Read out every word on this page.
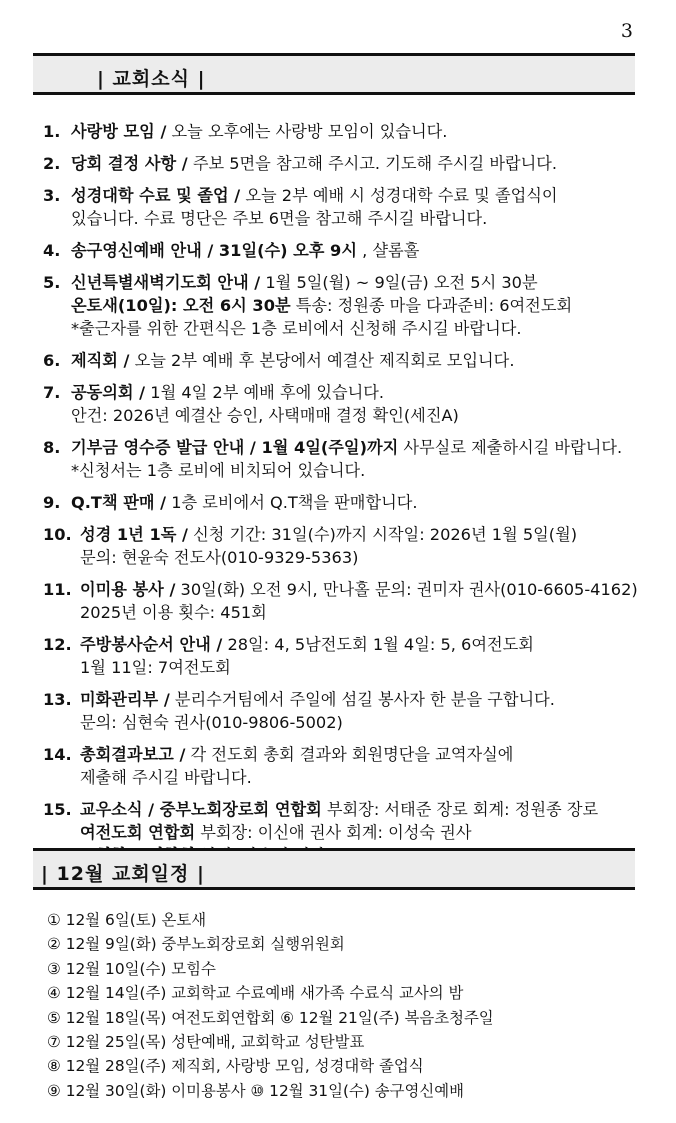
3
| 교회소식 |
1. 사랑방 모임 / 오늘 오후에는 사랑방 모임이 있습니다.
2. 당회 결정 사항 / 주보 5면을 참고해 주시고. 기도해 주시길 바랍니다.
3. 성경대학 수료 및 졸업 / 오늘 2부 예배 시 성경대학 수료 및 졸업식이
있습니다. 수료 명단은 주보 6면을 참고해 주시길 바랍니다.
4. 송구영신예배 안내 / 31일(수) 오후 9시 , 샬롬홀
5. 신년특별새벽기도회 안내 / 1월 5일(월) ~ 9일(금) 오전 5시 30분
온토새(10일): 오전 6시 30분 특송: 정원종 마을 다과준비: 6여전도회
*출근자를 위한 간편식은 1층 로비에서 신청해 주시길 바랍니다.
6. 제직회 / 오늘 2부 예배 후 본당에서 예결산 제직회로 모입니다.
7. 공동의회 / 1월 4일 2부 예배 후에 있습니다.
안건: 2026년 예결산 승인, 사택매매 결정 확인(세진A)
8. 기부금 영수증 발급 안내 / 1월 4일(주일)까지 사무실로 제출하시길 바랍니다.
*신청서는 1층 로비에 비치되어 있습니다.
9. Q.T책 판매 / 1층 로비에서 Q.T책을 판매합니다.
10. 성경 1년 1독 / 신청 기간: 31일(수)까지 시작일: 2026년 1월 5일(월)
문의: 현윤숙 전도사(010-9329-5363)
11. 이미용 봉사 / 30일(화) 오전 9시, 만나홀 문의: 권미자 권사(010-6605-4162)
2025년 이용 횟수: 451회
12. 주방봉사순서 안내 / 28일: 4, 5남전도회 1월 4일: 5, 6여전도회
1월 11일: 7여전도회
13. 미화관리부 / 분리수거팀에서 주일에 섬길 봉사자 한 분을 구합니다.
문의: 심현숙 권사(010-9806-5002)
14. 총회결과보고 / 각 전도회 총회 결과와 회원명단을 교역자실에
제출해 주시길 바랍니다.
15. 교우소식 / 중부노회장로회 연합회 부회장: 서태준 장로 회계: 정원종 장로
여전도회 연합회 부회장: 이신애 권사 회계: 이성숙 권사
| 12월 교회일정 |
① 12월 6일(토) 온토새
② 12월 9일(화) 중부노회장로회 실행위원회
③ 12월 10일(수) 모힘수
④ 12월 14일(주) 교회학교 수료예배 새가족 수료식 교사의 밤
⑤ 12월 18일(목) 여전도회연합회 ⑥ 12월 21일(주) 복음초청주일
⑦ 12월 25일(목) 성탄예배, 교회학교 성탄발표
⑧ 12월 28일(주) 제직회, 사랑방 모임, 성경대학 졸업식
⑨ 12월 30일(화) 이미용봉사 ⑩ 12월 31일(수) 송구영신예배
